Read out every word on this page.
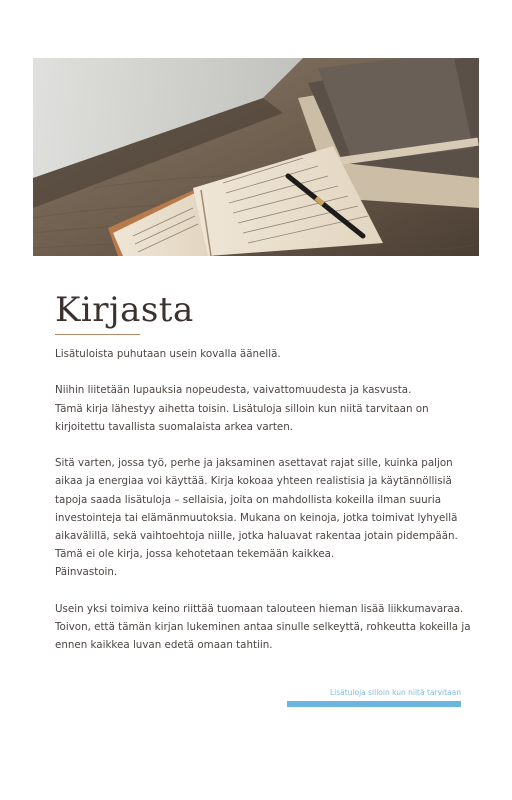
Kirjasta

Lisätuloista puhutaan usein kovalla äänellä.

Niihin liitetään lupauksia nopeudesta, vaivattomuudesta ja kasvusta.
Tämä kirja lähestyy aihetta toisin. Lisätuloja silloin kun niitä tarvitaan on kirjoitettu tavallista suomalaista arkea varten.

Sitä varten, jossa työ, perhe ja jaksaminen asettavat rajat sille, kuinka paljon aikaa ja energiaa voi käyttää. Kirja kokoaa yhteen realistisia ja käytännöllisiä tapoja saada lisätuloja – sellaisia, joita on mahdollista kokeilla ilman suuria investointeja tai elämänmuutoksia. Mukana on keinoja, jotka toimivat lyhyellä aikavälillä, sekä vaihtoehtoja niille, jotka haluavat rakentaa jotain pidempään.
Tämä ei ole kirja, jossa kehotetaan tekemään kaikkea.
Päinvastoin.

Usein yksi toimiva keino riittää tuomaan talouteen hieman lisää liikkumavaraa. Toivon, että tämän kirjan lukeminen antaa sinulle selkeyttä, rohkeutta kokeilla ja ennen kaikkea luvan edetä omaan tahtiin.

Lisätuloja silloin kun niitä tarvitaan
